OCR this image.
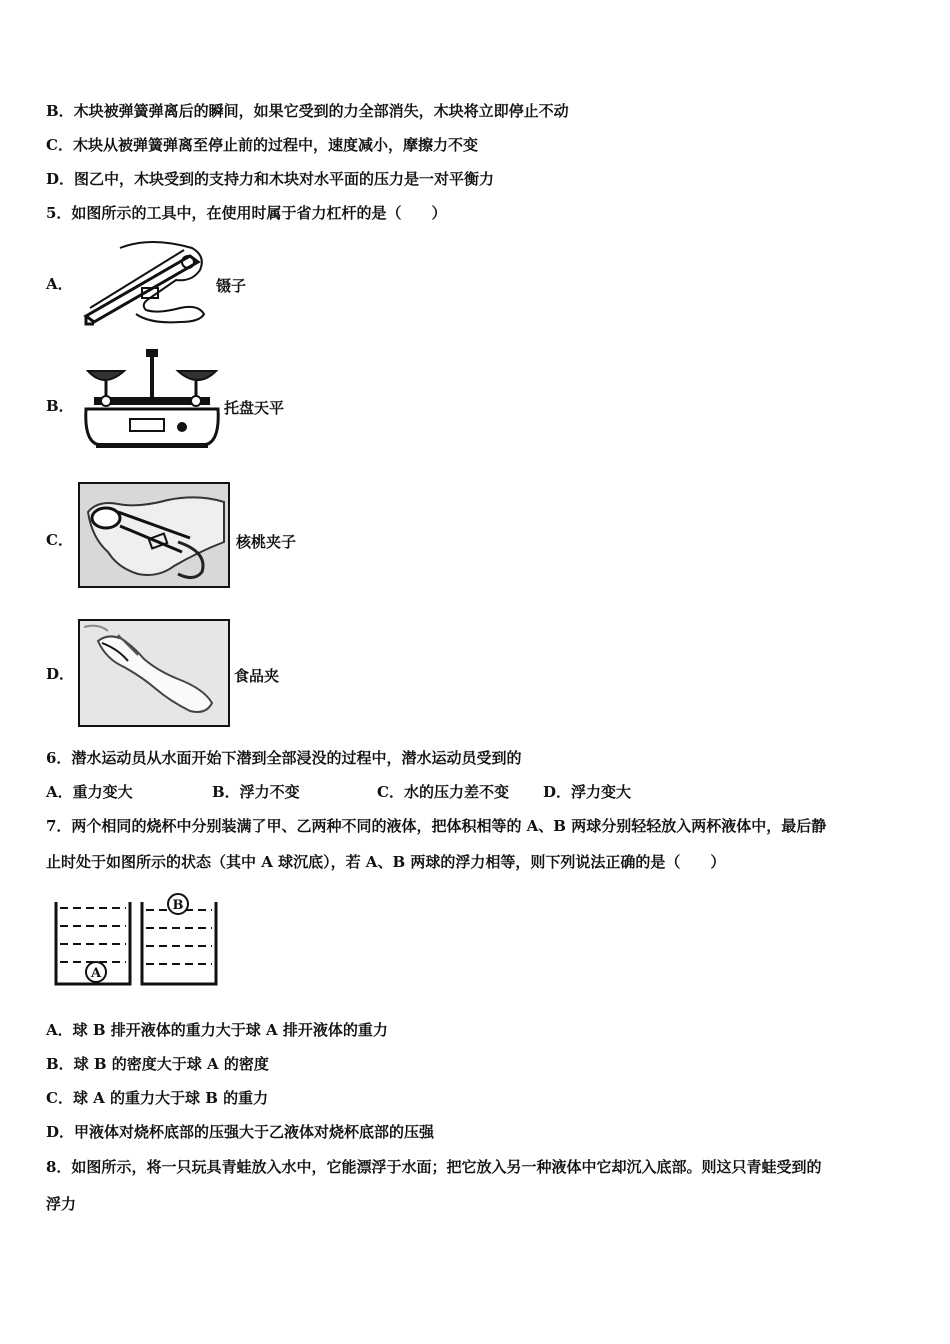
B．木块被弹簧弹离后的瞬间，如果它受到的力全部消失，木块将立即停止不动
C．木块从被弹簧弹离至停止前的过程中，速度减小，摩擦力不变
D．图乙中，木块受到的支持力和木块对水平面的压力是一对平衡力
5．如图所示的工具中，在使用时属于省力杠杆的是（　　）
A．	镊子
B．	托盘天平
C．	核桃夹子
D．	食品夹
6．潜水运动员从水面开始下潜到全部浸没的过程中，潜水运动员受到的
A．重力变大	B．浮力不变	C．水的压力差不变 D．浮力变大
7．两个相同的烧杯中分别装满了甲、乙两种不同的液体，把体积相等的 A、B 两球分别轻轻放入两杯液体中，最后静
止时处于如图所示的状态（其中 A 球沉底），若 A、B 两球的浮力相等，则下列说法正确的是（　　）
A
B
A．球 B 排开液体的重力大于球 A 排开液体的重力
B．球 B 的密度大于球 A 的密度
C．球 A 的重力大于球 B 的重力
D．甲液体对烧杯底部的压强大于乙液体对烧杯底部的压强
8．如图所示，将一只玩具青蛙放入水中，它能漂浮于水面；把它放入另一种液体中它却沉入底部。则这只青蛙受到的
浮力
